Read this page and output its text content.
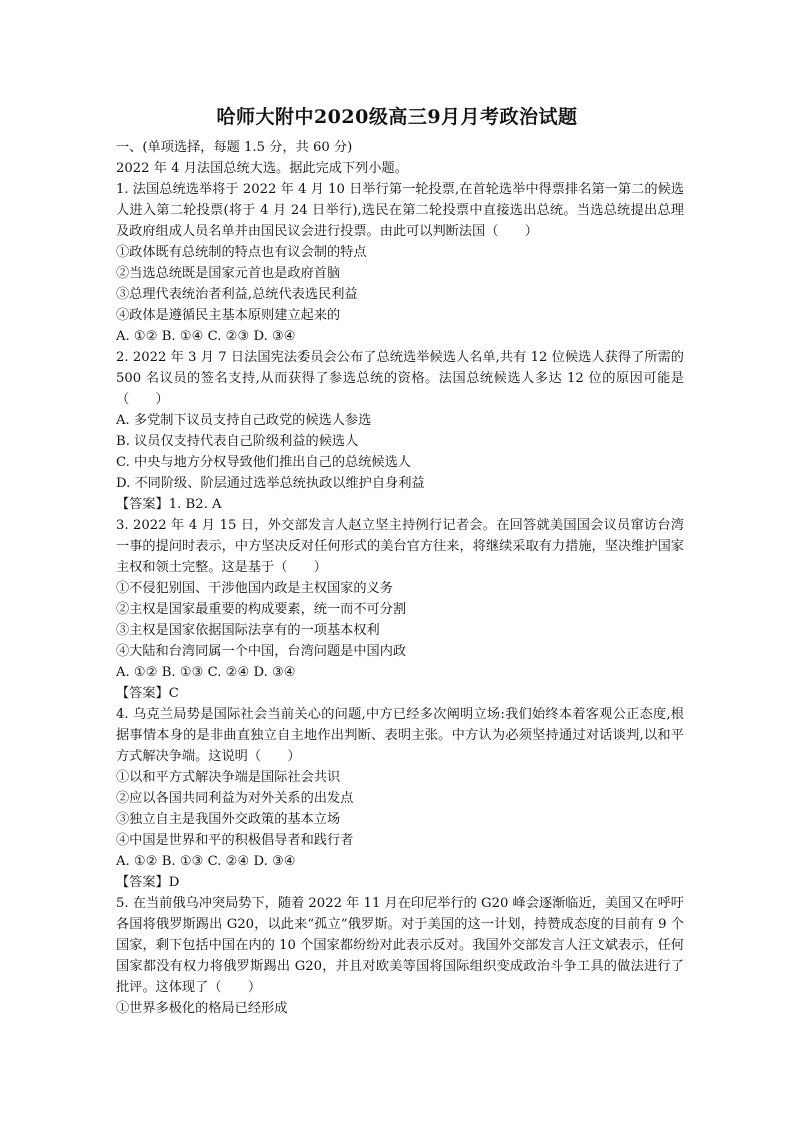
哈师大附中2020级高三9月月考政治试题
一、(单项选择，每题 1.5 分，共 60 分)
2022 年 4 月法国总统大选。据此完成下列小题。
1. 法国总统选举将于 2022 年 4 月 10 日举行第一轮投票,在首轮选举中得票排名第一第二的候选人进入第二轮投票(将于 4 月 24 日举行),选民在第二轮投票中直接选出总统。当选总统提出总理及政府组成人员名单并由国民议会进行投票。由此可以判断法国（　　）
①政体既有总统制的特点也有议会制的特点
②当选总统既是国家元首也是政府首脑
③总理代表统治者利益,总统代表选民利益
④政体是遵循民主基本原则建立起来的
A. ①② B. ①④ C. ②③ D. ③④
2. 2022 年 3 月 7 日法国宪法委员会公布了总统选举候选人名单,共有 12 位候选人获得了所需的 500 名议员的签名支持,从而获得了参选总统的资格。法国总统候选人多达 12 位的原因可能是（　　）
A. 多党制下议员支持自己政党的候选人参选
B. 议员仅支持代表自己阶级利益的候选人
C. 中央与地方分权导致他们推出自己的总统候选人
D. 不同阶级、阶层通过选举总统执政以维护自身利益
【答案】1. B2. A
3. 2022 年 4 月 15 日，外交部发言人赵立坚主持例行记者会。在回答就美国国会议员窜访台湾一事的提问时表示，中方坚决反对任何形式的美台官方往来，将继续采取有力措施，坚决维护国家主权和领土完整。这是基于（　　）
①不侵犯别国、干涉他国内政是主权国家的义务
②主权是国家最重要的构成要素，统一而不可分割
③主权是国家依据国际法享有的一项基本权利
④大陆和台湾同属一个中国，台湾问题是中国内政
A. ①② B. ①③ C. ②④ D. ③④
【答案】C
4. 乌克兰局势是国际社会当前关心的问题,中方已经多次阐明立场:我们始终本着客观公正态度,根据事情本身的是非曲直独立自主地作出判断、表明主张。中方认为必须坚持通过对话谈判,以和平方式解决争端。这说明（　　）
①以和平方式解决争端是国际社会共识
②应以各国共同利益为对外关系的出发点
③独立自主是我国外交政策的基本立场
④中国是世界和平的积极倡导者和践行者
A. ①② B. ①③ C. ②④ D. ③④
【答案】D
5. 在当前俄乌冲突局势下，随着 2022 年 11 月在印尼举行的 G20 峰会逐渐临近，美国又在呼吁各国将俄罗斯踢出 G20，以此来“孤立”俄罗斯。对于美国的这一计划，持赞成态度的目前有 9 个国家，剩下包括中国在内的 10 个国家都纷纷对此表示反对。我国外交部发言人汪文斌表示，任何国家都没有权力将俄罗斯踢出 G20，并且对欧美等国将国际组织变成政治斗争工具的做法进行了批评。这体现了（　　）
①世界多极化的格局已经形成
